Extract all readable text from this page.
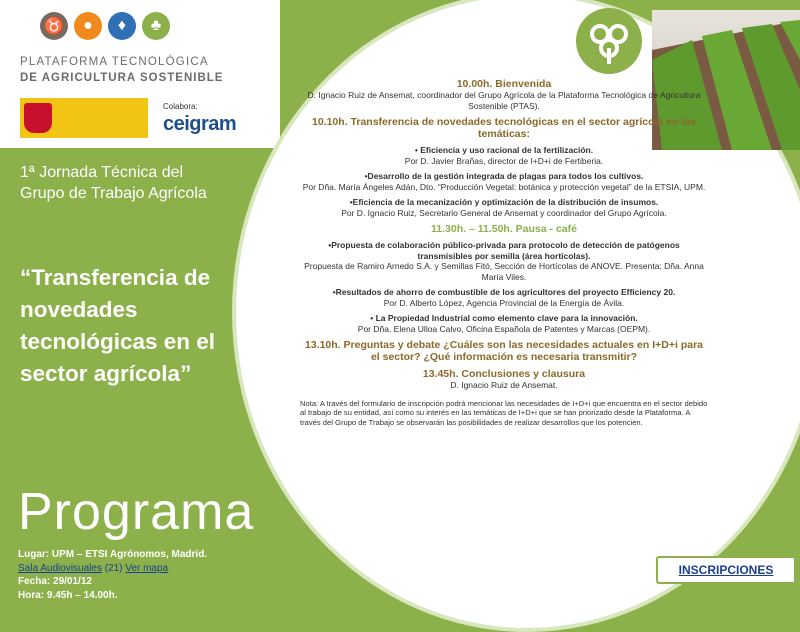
♉	●	♦	♣
PLATAFORMA TECNOLÓGICA
DE AGRICULTURA SOSTENIBLE
Colabora:
ceigram
1ª Jornada Técnica del Grupo de Trabajo Agrícola
“Transferencia de novedades tecnológicas en el sector agrícola”

10.00h. Bienvenida

D. Ignacio Ruiz de Ansemat, coordinador del Grupo Agrícola de la Plataforma Tecnológica de Agricultura Sostenible (PTAS).

10.10h. Transferencia de novedades tecnológicas en el sector agrícola en las temáticas:

• Eficiencia y uso racional de la fertilización.

Por D. Javier Brañas, director de I+D+i de Fertiberia.

•Desarrollo de la gestión integrada de plagas para todos los cultivos.

Por Dña. María Ángeles Adán, Dto. “Producción Vegetal: botánica y protección vegetal” de la ETSIA, UPM.

•Eficiencia de la mecanización y optimización de la distribución de insumos.

Por D. Ignacio Ruiz, Secretario General de Ansemat y coordinador del Grupo Agrícola.

11.30h. – 11.50h. Pausa - café

•Propuesta de colaboración público-privada para protocolo de detección de patógenos transmisibles por semilla (área hortícolas).

Propuesta de Ramiro Arnedo S.A. y Semillas Fitó, Sección de Hortícolas de ANOVE. Presenta: Dña. Anna María Viles.

•Resultados de ahorro de combustible de los agricultores del proyecto Efficiency 20.

Por D. Alberto López, Agencia Provincial de la Energía de Ávila.

• La Propiedad Industrial como elemento clave para la innovación.

Por Dña. Elena Ulloa Calvo, Oficina Española de Patentes y Marcas (OEPM).

13.10h. Preguntas y debate ¿Cuáles son las necesidades actuales en I+D+i para el sector? ¿Qué información es necesaria transmitir?

13.45h. Conclusiones y clausura

D. Ignacio Ruiz de Ansemat.

Nota: A través del formulario de inscripción podrá mencionar las necesidades de I+D+i que encuentra en el sector debido al trabajo de su entidad, así como su interés en las temáticas de I+D+i que se han priorizado desde la Plataforma. A través del Grupo de Trabajo se observarán las posibilidades de realizar desarrollos que los potencien.

Programa
Lugar: UPM – ETSI Agrónomos, Madrid.
Sala Audiovisuales (21) Ver mapa
Fecha: 29/01/12
Hora: 9.45h – 14.00h.
INSCRIPCIONES
